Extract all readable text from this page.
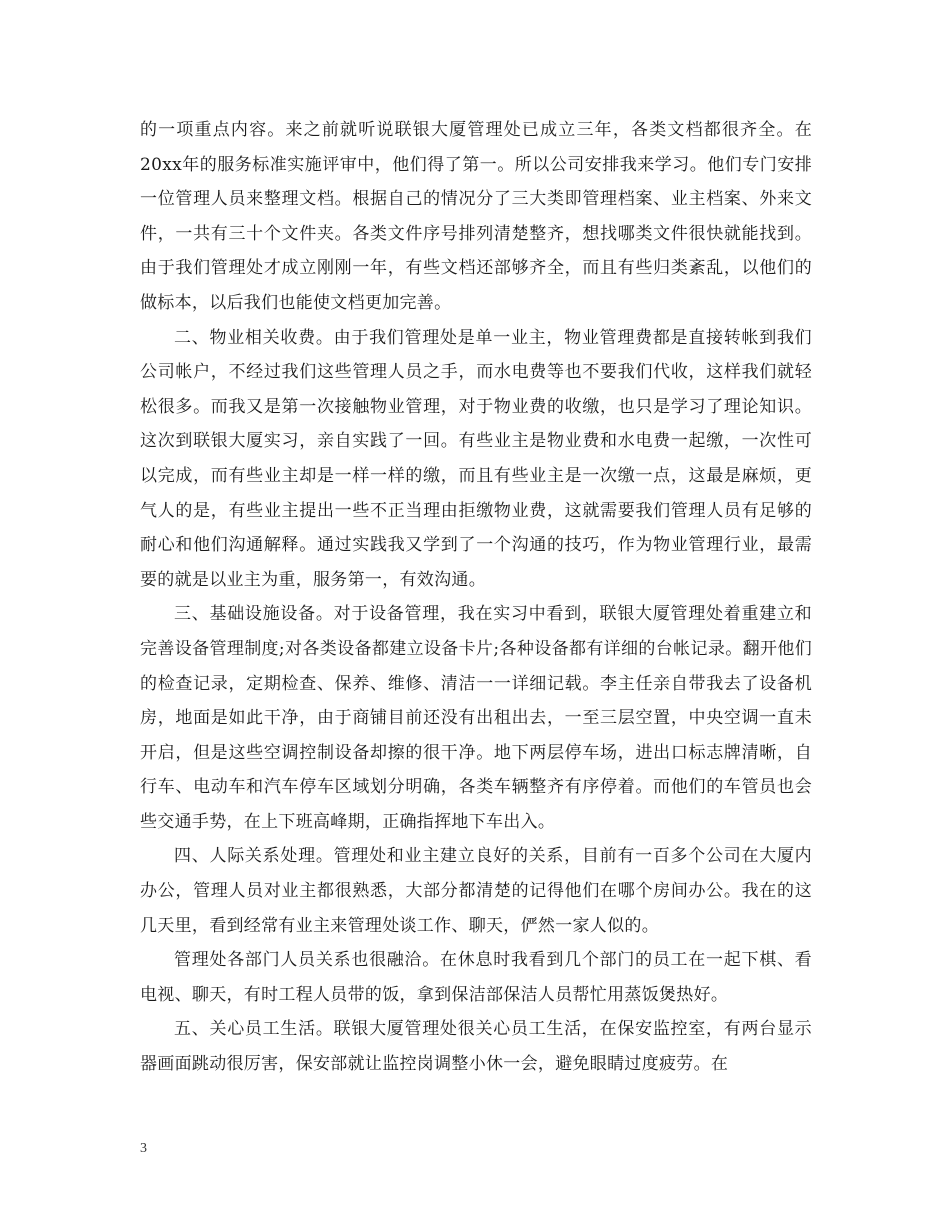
的一项重点内容。来之前就听说联银大厦管理处已成立三年，各类文档都很齐全。在20xx年的服务标准实施评审中，他们得了第一。所以公司安排我来学习。他们专门安排一位管理人员来整理文档。根据自己的情况分了三大类即管理档案、业主档案、外来文件，一共有三十个文件夹。各类文件序号排列清楚整齐，想找哪类文件很快就能找到。由于我们管理处才成立刚刚一年，有些文档还部够齐全，而且有些归类紊乱，以他们的做标本，以后我们也能使文档更加完善。

二、物业相关收费。由于我们管理处是单一业主，物业管理费都是直接转帐到我们公司帐户，不经过我们这些管理人员之手，而水电费等也不要我们代收，这样我们就轻松很多。而我又是第一次接触物业管理，对于物业费的收缴，也只是学习了理论知识。这次到联银大厦实习，亲自实践了一回。有些业主是物业费和水电费一起缴，一次性可以完成，而有些业主却是一样一样的缴，而且有些业主是一次缴一点，这最是麻烦，更气人的是，有些业主提出一些不正当理由拒缴物业费，这就需要我们管理人员有足够的耐心和他们沟通解释。通过实践我又学到了一个沟通的技巧，作为物业管理行业，最需要的就是以业主为重，服务第一，有效沟通。

三、基础设施设备。对于设备管理，我在实习中看到，联银大厦管理处着重建立和完善设备管理制度;对各类设备都建立设备卡片;各种设备都有详细的台帐记录。翻开他们的检查记录，定期检查、保养、维修、清洁一一详细记载。李主任亲自带我去了设备机房，地面是如此干净，由于商铺目前还没有出租出去，一至三层空置，中央空调一直未开启，但是这些空调控制设备却擦的很干净。地下两层停车场，进出口标志牌清晰，自行车、电动车和汽车停车区域划分明确，各类车辆整齐有序停着。而他们的车管员也会些交通手势，在上下班高峰期，正确指挥地下车出入。

四、人际关系处理。管理处和业主建立良好的关系，目前有一百多个公司在大厦内办公，管理人员对业主都很熟悉，大部分都清楚的记得他们在哪个房间办公。我在的这几天里，看到经常有业主来管理处谈工作、聊天，俨然一家人似的。

管理处各部门人员关系也很融洽。在休息时我看到几个部门的员工在一起下棋、看电视、聊天，有时工程人员带的饭，拿到保洁部保洁人员帮忙用蒸饭煲热好。

五、关心员工生活。联银大厦管理处很关心员工生活，在保安监控室，有两台显示器画面跳动很厉害，保安部就让监控岗调整小休一会，避免眼睛过度疲劳。在

3
